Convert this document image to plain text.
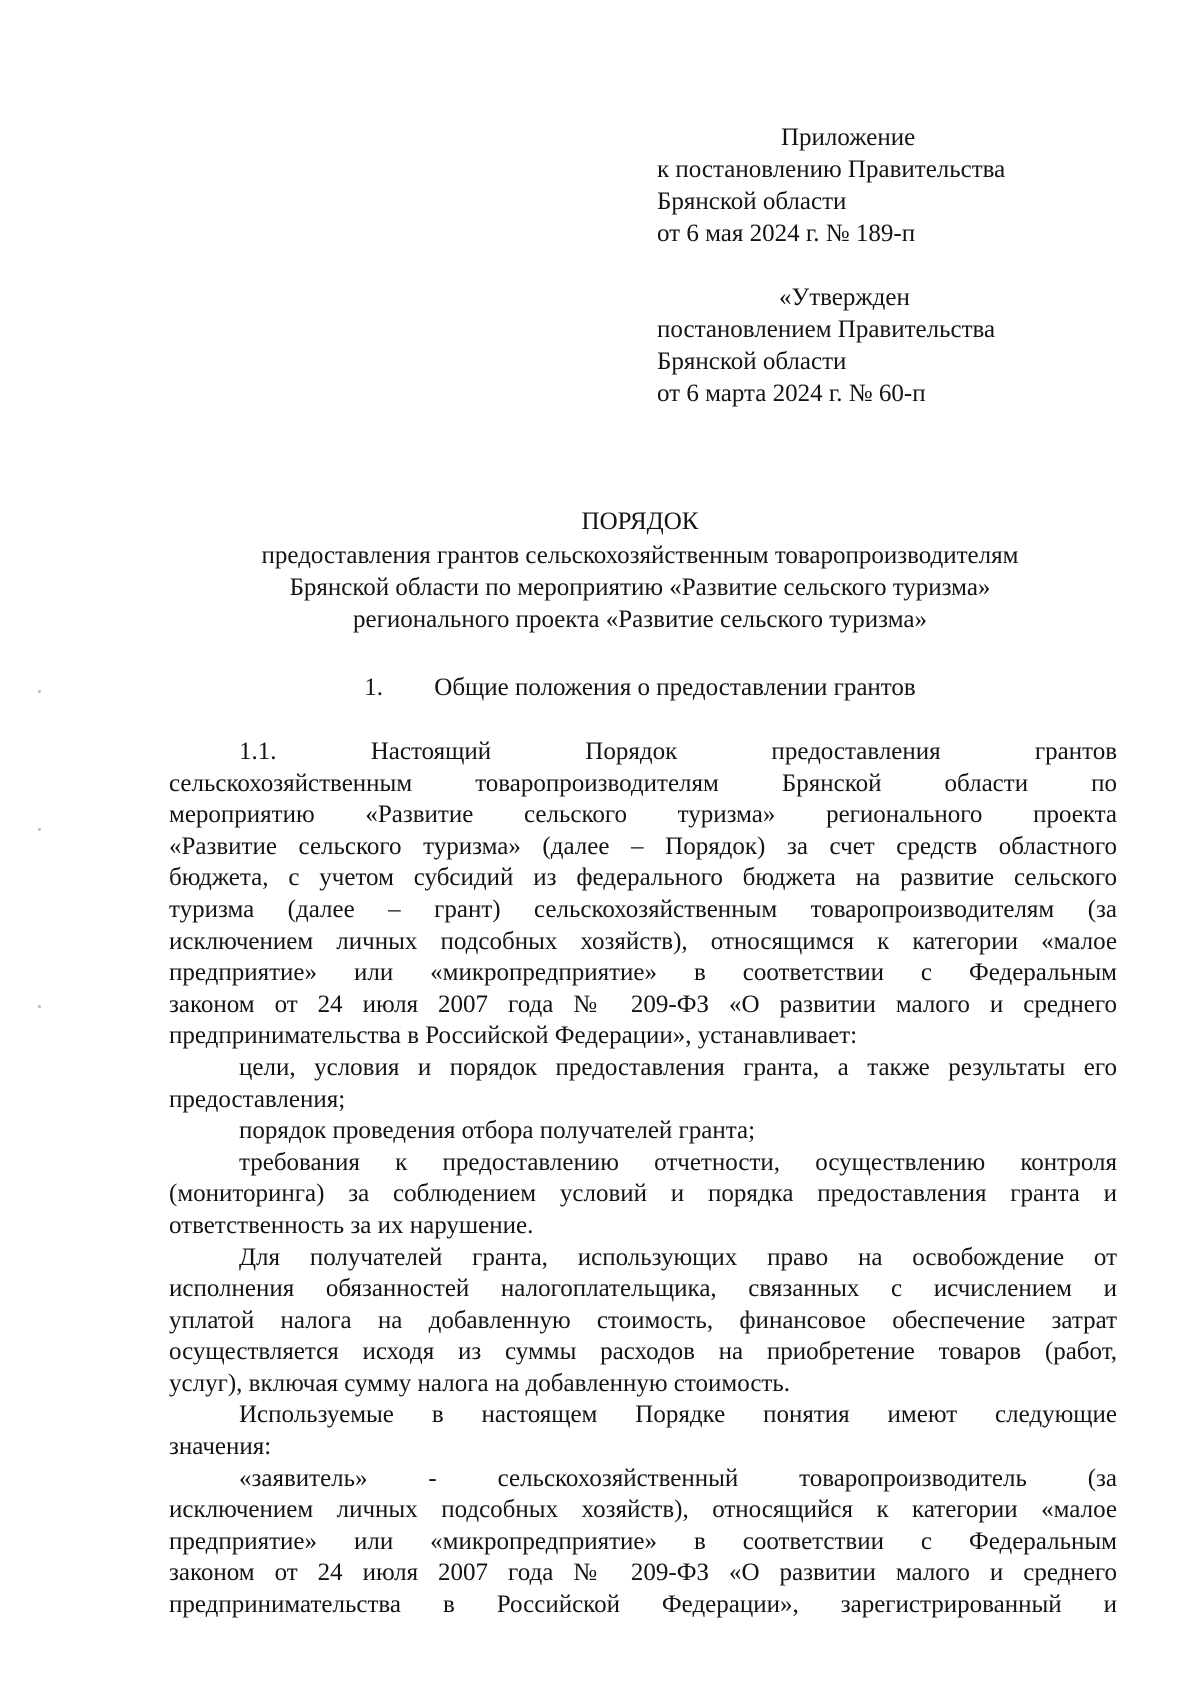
Приложение
к постановлению Правительства
Брянской области
от 6 мая 2024 г. № 189-п
«Утвержден
постановлением Правительства
Брянской области
от 6 марта 2024 г. № 60-п
ПОРЯДОК
предоставления грантов сельскохозяйственным товаропроизводителям
Брянской области по мероприятию «Развитие сельского туризма»
регионального проекта «Развитие сельского туризма»
1. Общие положения о предоставлении грантов
1.1. Настоящий Порядок предоставления грантов
сельскохозяйственным товаропроизводителям Брянской области по
мероприятию «Развитие сельского туризма» регионального проекта
«Развитие сельского туризма» (далее – Порядок) за счет средств областного
бюджета, с учетом субсидий из федерального бюджета на развитие сельского
туризма (далее – грант) сельскохозяйственным товаропроизводителям (за
исключением личных подсобных хозяйств), относящимся к категории «малое
предприятие» или «микропредприятие» в соответствии с Федеральным
законом от 24 июля 2007 года № 209-ФЗ «О развитии малого и среднего
предпринимательства в Российской Федерации», устанавливает:
цели, условия и порядок предоставления гранта, а также результаты его
предоставления;
порядок проведения отбора получателей гранта;
требования к предоставлению отчетности, осуществлению контроля
(мониторинга) за соблюдением условий и порядка предоставления гранта и
ответственность за их нарушение.
Для получателей гранта, использующих право на освобождение от
исполнения обязанностей налогоплательщика, связанных с исчислением и
уплатой налога на добавленную стоимость, финансовое обеспечение затрат
осуществляется исходя из суммы расходов на приобретение товаров (работ,
услуг), включая сумму налога на добавленную стоимость.
Используемые в настоящем Порядке понятия имеют следующие
значения:
«заявитель» - сельскохозяйственный товаропроизводитель (за
исключением личных подсобных хозяйств), относящийся к категории «малое
предприятие» или «микропредприятие» в соответствии с Федеральным
законом от 24 июля 2007 года № 209-ФЗ «О развитии малого и среднего
предпринимательства в Российской Федерации», зарегистрированный и
